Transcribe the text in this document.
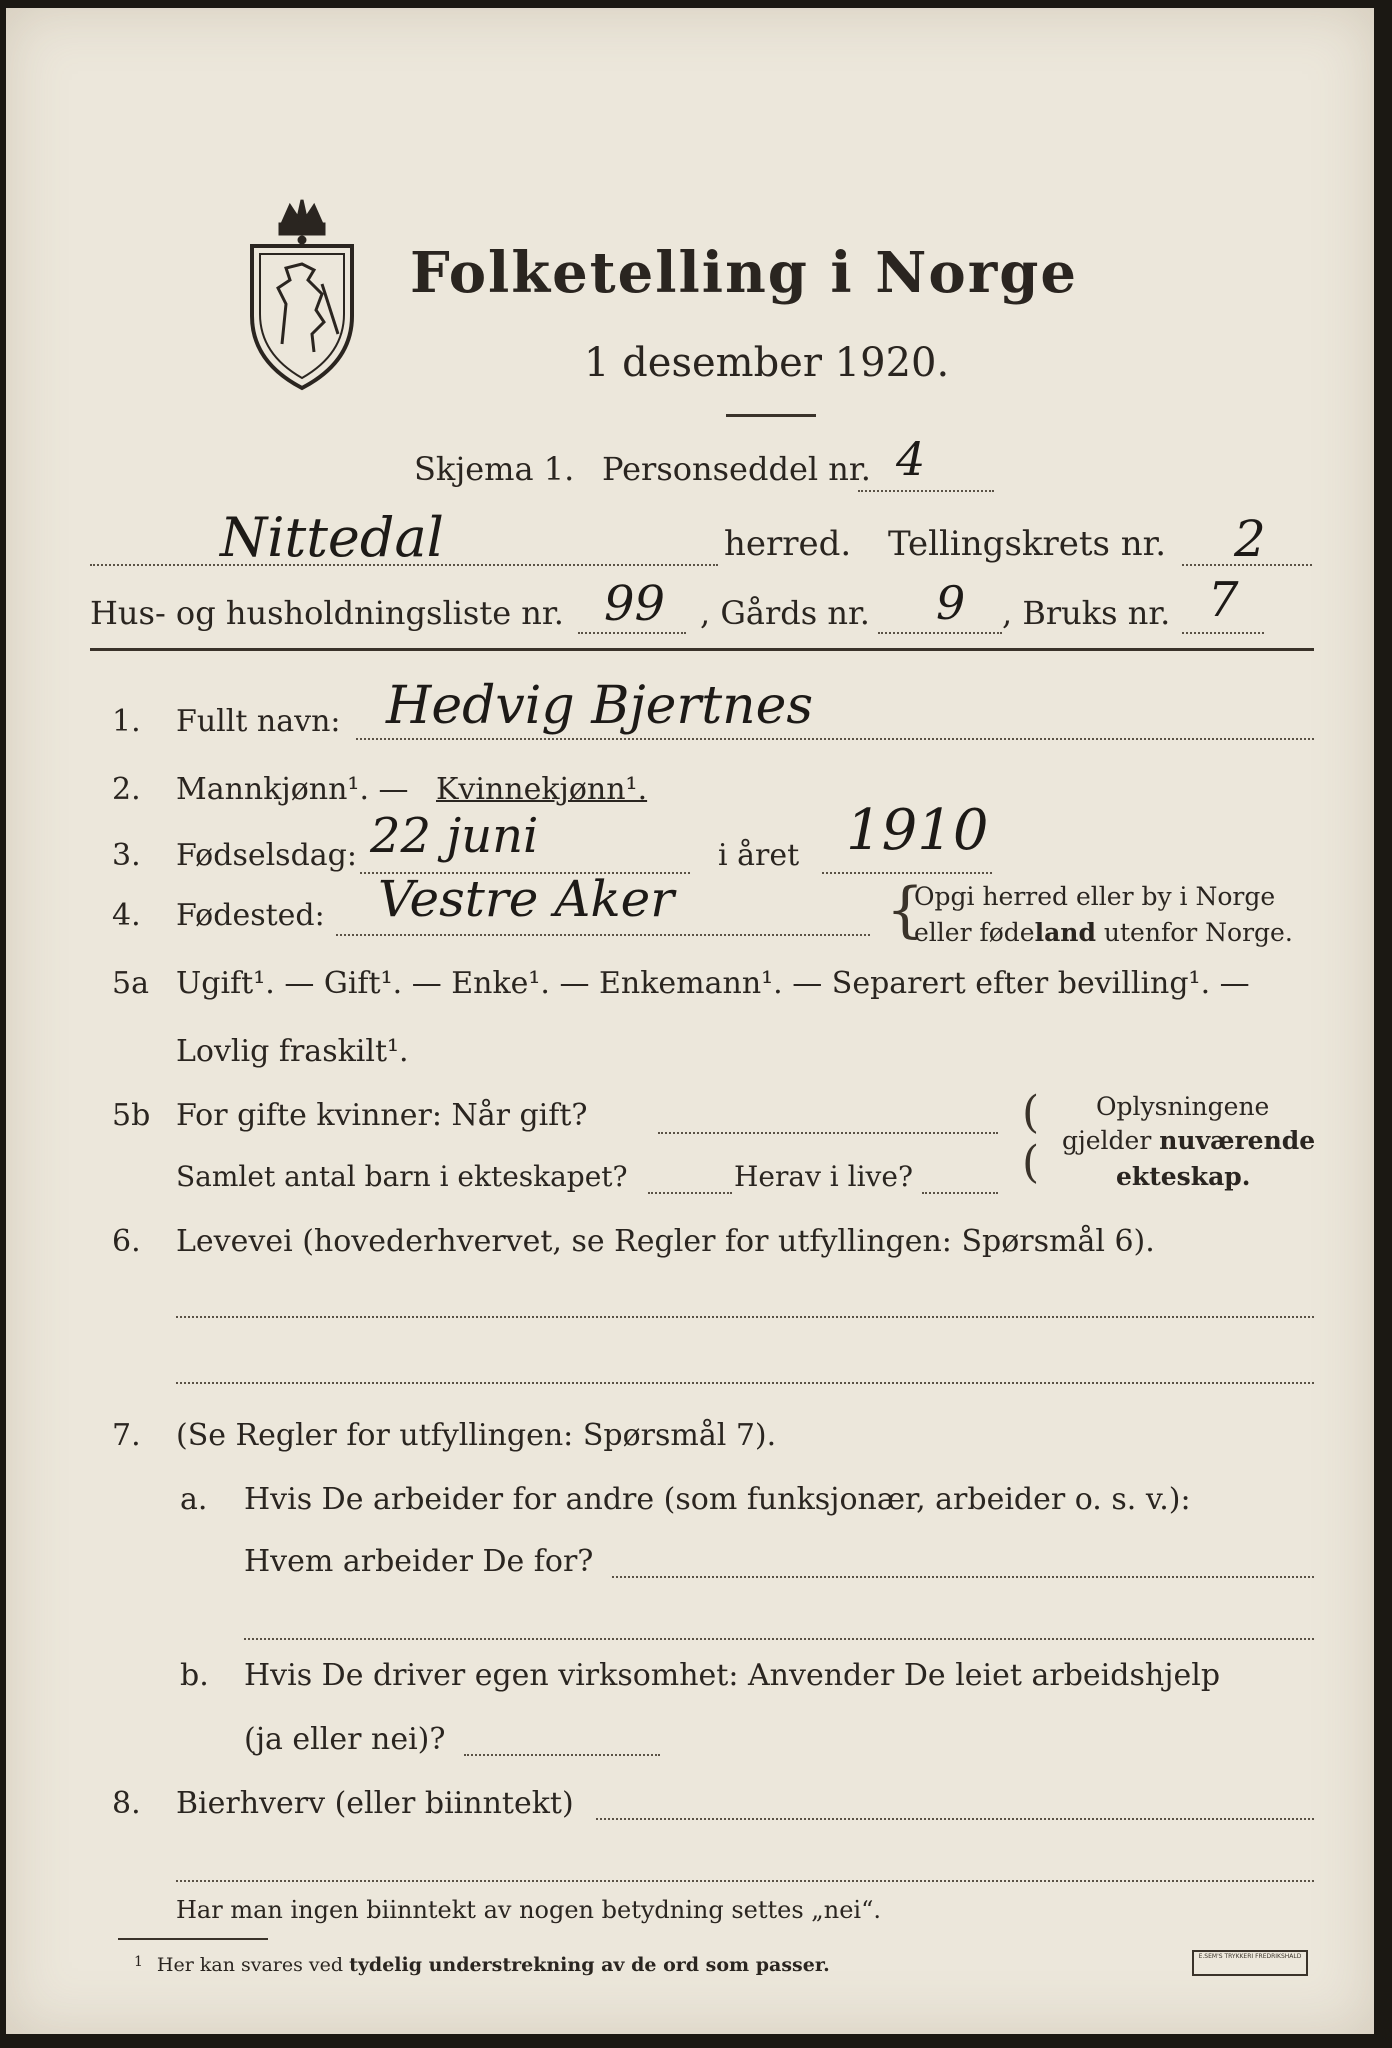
Folketelling i Norge
1 desember 1920.
Skjema 1. Personseddel nr. 4
Nittedal	herred. Tellingskrets nr. 2
Hus- og husholdningsliste nr. 99 , Gårds nr. 9 , Bruks nr. 7
1. Fullt navn: Hedvig Bjertnes
2. Mannkjønn¹. — Kvinnekjønn¹.
3. Fødselsdag: 22 juni	i året 1910
4. Fødested: Vestre Aker	{
Opgi herred eller by i Norge
eller fødeland utenfor Norge.
5a Ugift¹. — Gift¹. — Enke¹. — Enkemann¹. — Separert efter bevilling¹. —
Lovlig fraskilt¹.
5b For gifte kvinner: Når gift?
Samlet antal barn i ekteskapet?	Herav i live?
(
(
Oplysningene
gjelder nuværende
ekteskap.
6. Levevei (hovederhvervet, se Regler for utfyllingen: Spørsmål 6).
7. (Se Regler for utfyllingen: Spørsmål 7).
a. Hvis De arbeider for andre (som funksjonær, arbeider o. s. v.):
Hvem arbeider De for?
b. Hvis De driver egen virksomhet: Anvender De leiet arbeidshjelp
(ja eller nei)?
8. Bierhverv (eller biinntekt)
Har man ingen biinntekt av nogen betydning settes „nei“.
$^1$ Her kan svares ved tydelig understrekning av de ord som passer.	E.SEM'S TRYKKERI FREDRIKSHALD
